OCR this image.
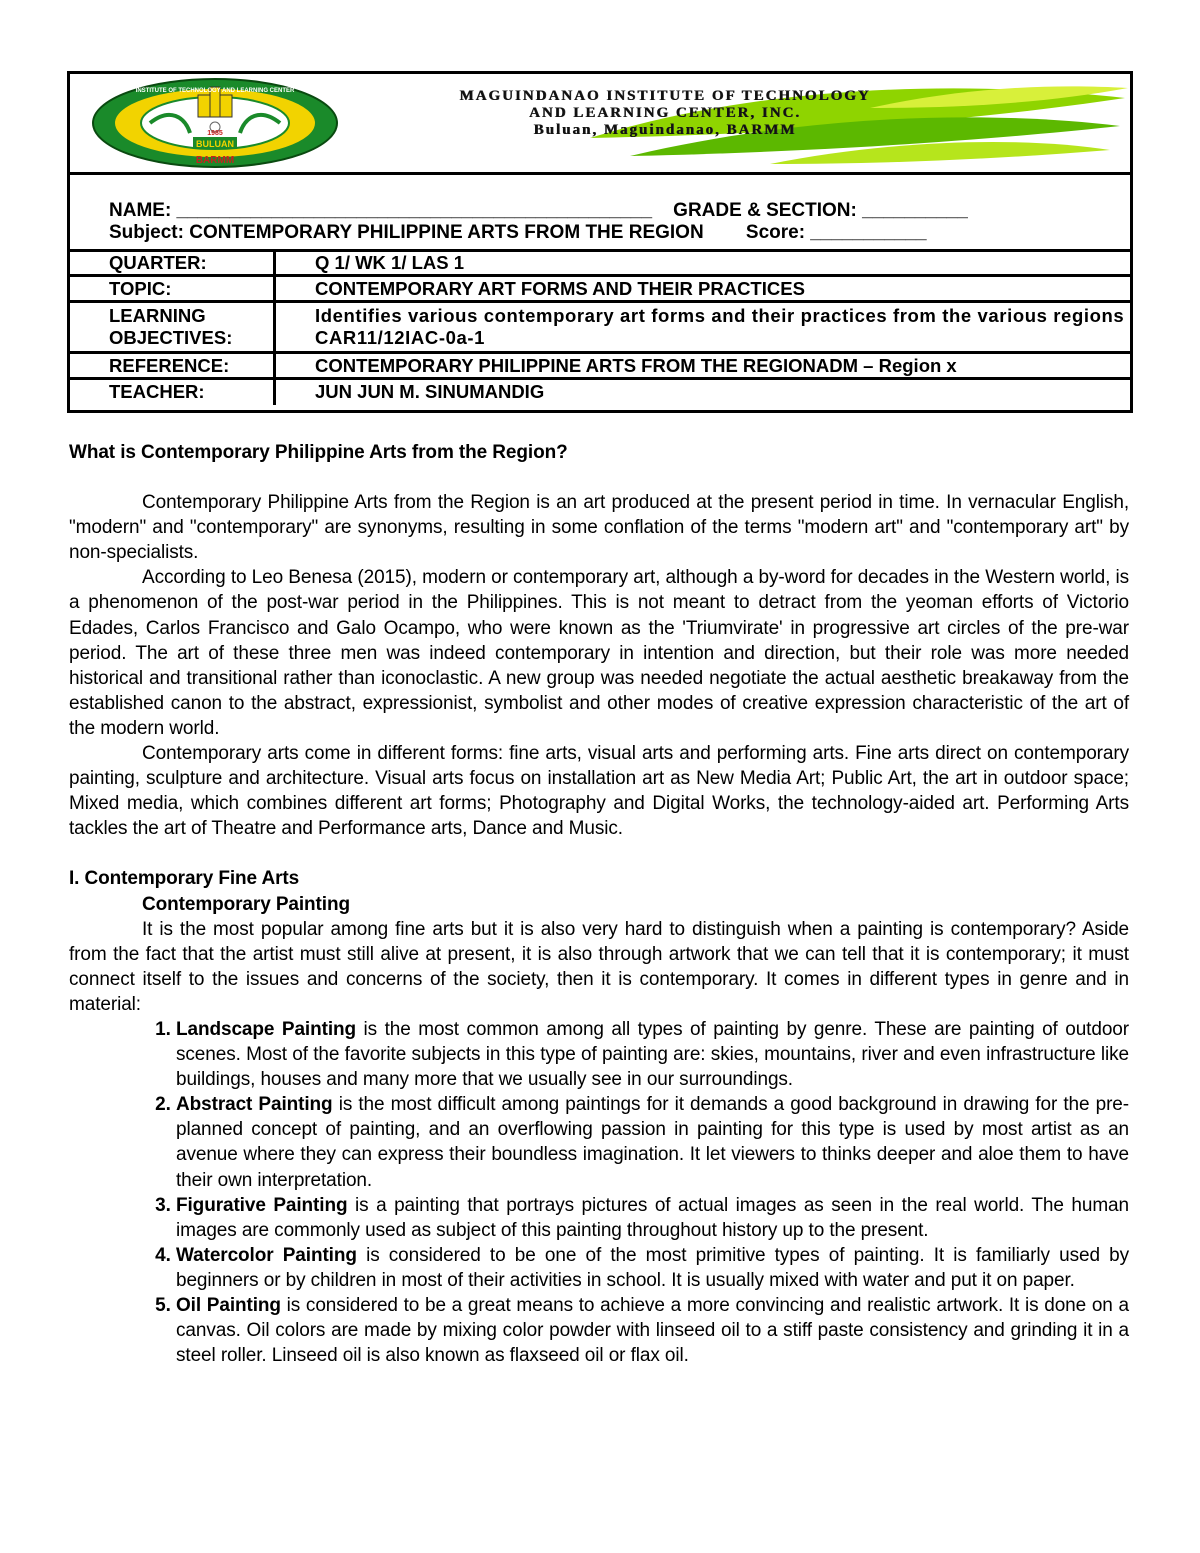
BULUAN
1985
BARMM
INSTITUTE OF TECHNOLOGY AND LEARNING CENTER	MAGUINDANAO INSTITUTE OF TECHNOLOGY
AND LEARNING CENTER, INC.
Buluan, Maguindanao, BARMM
NAME: _____________________________________________    GRADE & SECTION: __________
Subject: CONTEMPORARY PHILIPPINE ARTS FROM THE REGION        Score: ___________
QUARTER:	Q 1/ WK 1/ LAS 1
TOPIC:	CONTEMPORARY ART FORMS AND THEIR PRACTICES
LEARNING OBJECTIVES:	Identifies various contemporary art forms and their practices from the various regions CAR11/12IAC-0a-1
REFERENCE:	CONTEMPORARY PHILIPPINE ARTS FROM THE REGIONADM – Region x
TEACHER:	JUN JUN M. SINUMANDIG

What is Contemporary Philippine Arts from the Region?

Contemporary Philippine Arts from the Region is an art produced at the present period in time. In vernacular English, "modern" and "contemporary" are synonyms, resulting in some conflation of the terms "modern art" and "contemporary art" by non-specialists.

According to Leo Benesa (2015), modern or contemporary art, although a by-word for decades in the Western world, is a phenomenon of the post-war period in the Philippines. This is not meant to detract from the yeoman efforts of Victorio Edades, Carlos Francisco and Galo Ocampo, who were known as the 'Triumvirate' in progressive art circles of the pre-war period. The art of these three men was indeed contemporary in intention and direction, but their role was more needed historical and transitional rather than iconoclastic. A new group was needed negotiate the actual aesthetic breakaway from the established canon to the abstract, expressionist, symbolist and other modes of creative expression characteristic of the art of the modern world.

Contemporary arts come in different forms: fine arts, visual arts and performing arts. Fine arts direct on contemporary painting, sculpture and architecture. Visual arts focus on installation art as New Media Art; Public Art, the art in outdoor space; Mixed media, which combines different art forms; Photography and Digital Works, the technology-aided art. Performing Arts tackles the art of Theatre and Performance arts, Dance and Music.

I. Contemporary Fine Arts

Contemporary Painting

It is the most popular among fine arts but it is also very hard to distinguish when a painting is contemporary? Aside from the fact that the artist must still alive at present, it is also through artwork that we can tell that it is contemporary; it must connect itself to the issues and concerns of the society, then it is contemporary. It comes in different types in genre and in material:

1. Landscape Painting is the most common among all types of painting by genre. These are painting of outdoor scenes. Most of the favorite subjects in this type of painting are: skies, mountains, river and even infrastructure like buildings, houses and many more that we usually see in our surroundings.
2. Abstract Painting is the most difficult among paintings for it demands a good background in drawing for the pre-planned concept of painting, and an overflowing passion in painting for this type is used by most artist as an avenue where they can express their boundless imagination. It let viewers to thinks deeper and aloe them to have their own interpretation.
3. Figurative Painting is a painting that portrays pictures of actual images as seen in the real world. The human images are commonly used as subject of this painting throughout history up to the present.
4. Watercolor Painting is considered to be one of the most primitive types of painting. It is familiarly used by beginners or by children in most of their activities in school. It is usually mixed with water and put it on paper.
5. Oil Painting is considered to be a great means to achieve a more convincing and realistic artwork. It is done on a canvas. Oil colors are made by mixing color powder with linseed oil to a stiff paste consistency and grinding it in a steel roller. Linseed oil is also known as flaxseed oil or flax oil.
